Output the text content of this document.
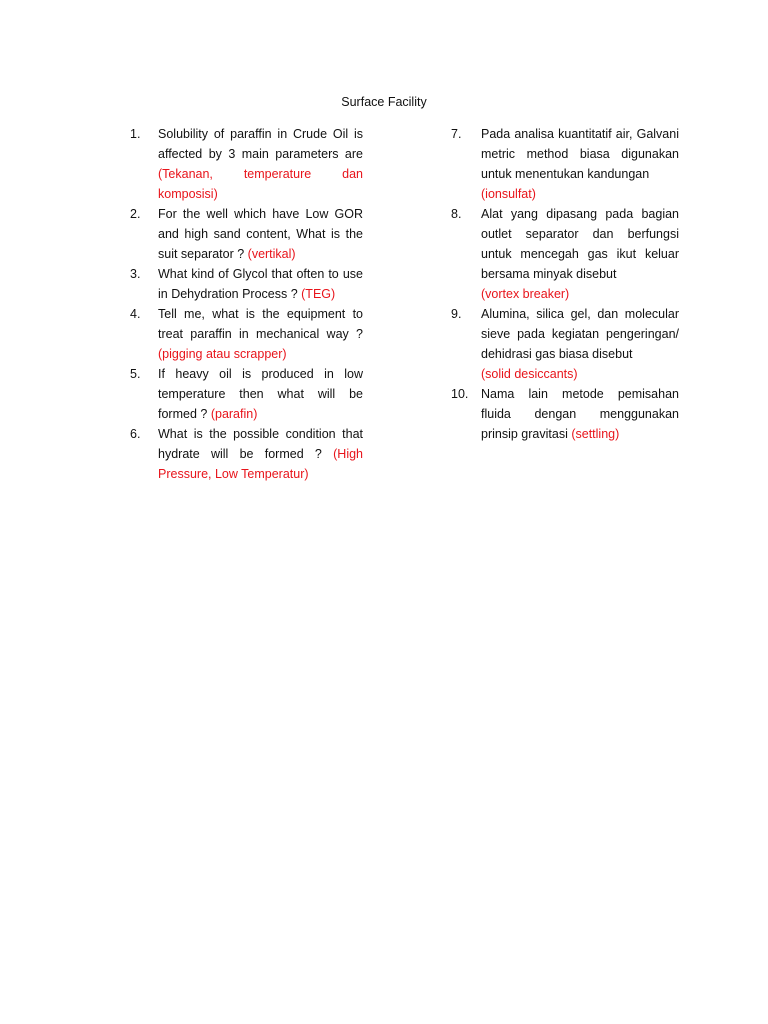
Surface Facility
1. Solubility of paraffin in Crude Oil is affected by 3 main parameters are (Tekanan, temperature dan komposisi)
2. For the well which have Low GOR and high sand content, What is the suit separator ? (vertikal)
3. What kind of Glycol that often to use in Dehydration Process ? (TEG)
4. Tell me, what is the equipment to treat paraffin in mechanical way ? (pigging atau scrapper)
5. If heavy oil is produced in low temperature then what will be formed ? (parafin)
6. What is the possible condition that hydrate will be formed ? (High Pressure, Low Temperatur)
7. Pada analisa kuantitatif air, Galvani metric method biasa digunakan untuk menentukan kandungan
(ionsulfat)
8. Alat yang dipasang pada bagian outlet separator dan berfungsi untuk mencegah gas ikut keluar bersama minyak disebut
(vortex breaker)
9. Alumina, silica gel, dan molecular sieve pada kegiatan pengeringan/ dehidrasi gas biasa disebut
(solid desiccants)
10. Nama lain metode pemisahan fluida dengan menggunakan prinsip gravitasi (settling)
